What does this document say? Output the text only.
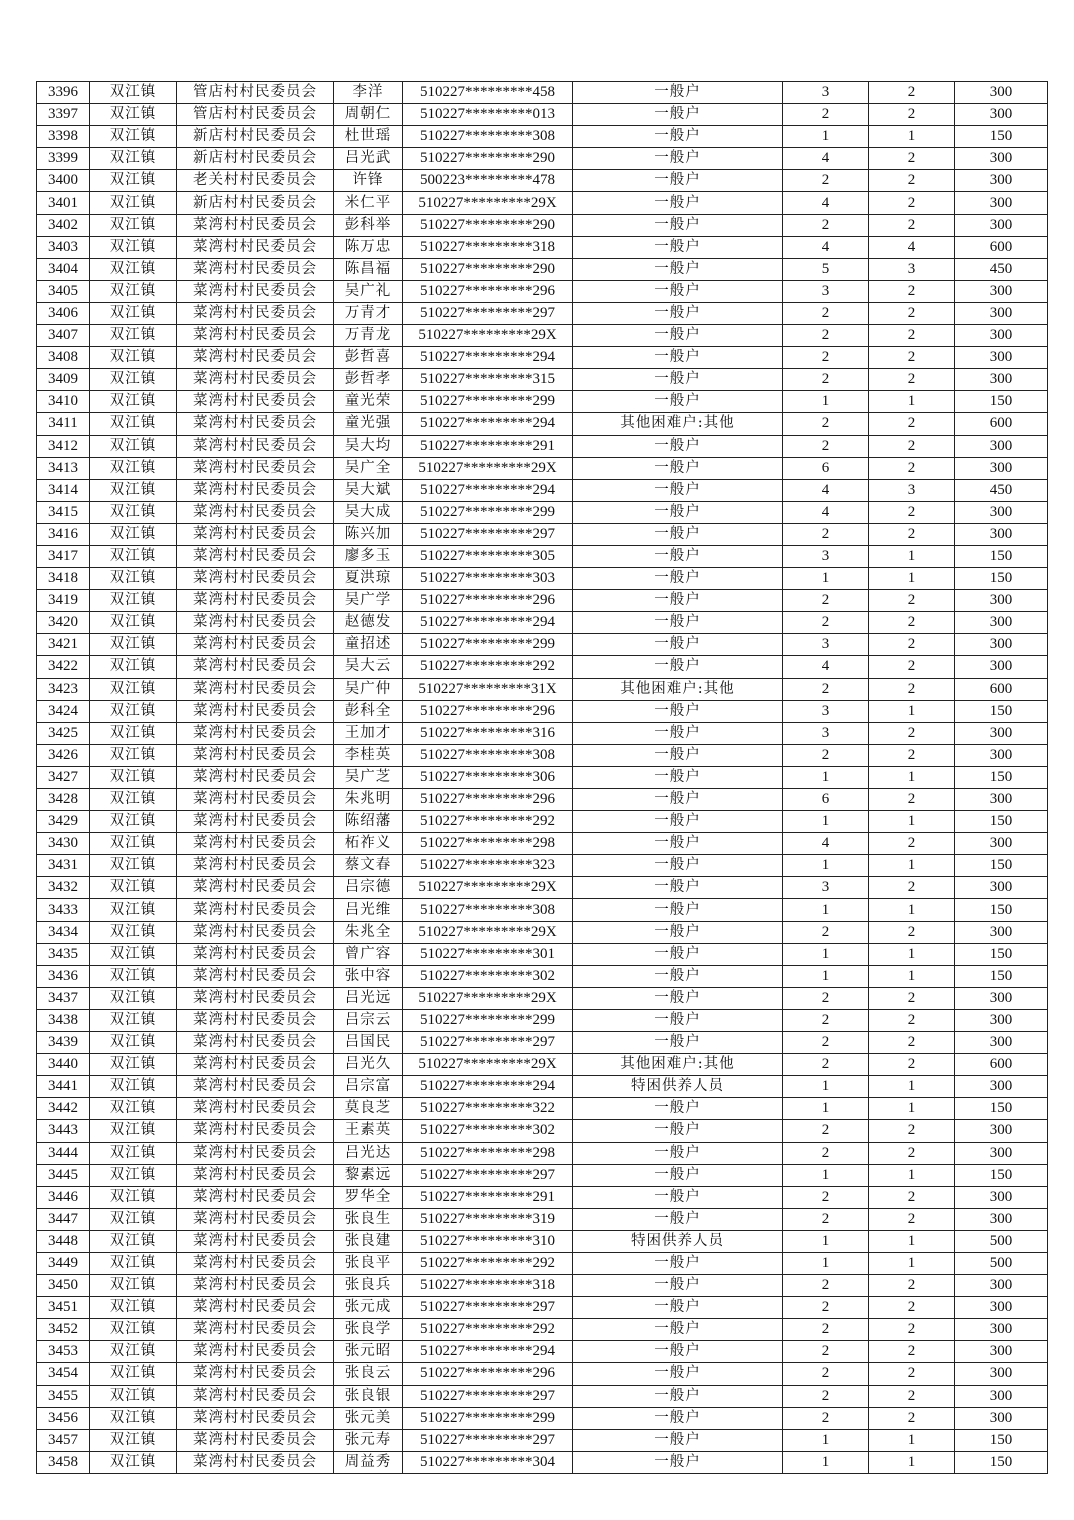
3396	双江镇	管店村村民委员会	李洋	510227*********458	一般户	3	2	300
3397	双江镇	管店村村民委员会	周朝仁	510227*********013	一般户	2	2	300
3398	双江镇	新店村村民委员会	杜世瑶	510227*********308	一般户	1	1	150
3399	双江镇	新店村村民委员会	吕光武	510227*********290	一般户	4	2	300
3400	双江镇	老关村村民委员会	许锋	500223*********478	一般户	2	2	300
3401	双江镇	新店村村民委员会	米仁平	510227*********29X	一般户	4	2	300
3402	双江镇	菜湾村村民委员会	彭科举	510227*********290	一般户	2	2	300
3403	双江镇	菜湾村村民委员会	陈万忠	510227*********318	一般户	4	4	600
3404	双江镇	菜湾村村民委员会	陈昌福	510227*********290	一般户	5	3	450
3405	双江镇	菜湾村村民委员会	吴广礼	510227*********296	一般户	3	2	300
3406	双江镇	菜湾村村民委员会	万青才	510227*********297	一般户	2	2	300
3407	双江镇	菜湾村村民委员会	万青龙	510227*********29X	一般户	2	2	300
3408	双江镇	菜湾村村民委员会	彭哲喜	510227*********294	一般户	2	2	300
3409	双江镇	菜湾村村民委员会	彭哲孝	510227*********315	一般户	2	2	300
3410	双江镇	菜湾村村民委员会	童光荣	510227*********299	一般户	1	1	150
3411	双江镇	菜湾村村民委员会	童光强	510227*********294	其他困难户:其他	2	2	600
3412	双江镇	菜湾村村民委员会	吴大均	510227*********291	一般户	2	2	300
3413	双江镇	菜湾村村民委员会	吴广全	510227*********29X	一般户	6	2	300
3414	双江镇	菜湾村村民委员会	吴大斌	510227*********294	一般户	4	3	450
3415	双江镇	菜湾村村民委员会	吴大成	510227*********299	一般户	4	2	300
3416	双江镇	菜湾村村民委员会	陈兴加	510227*********297	一般户	2	2	300
3417	双江镇	菜湾村村民委员会	廖多玉	510227*********305	一般户	3	1	150
3418	双江镇	菜湾村村民委员会	夏洪琼	510227*********303	一般户	1	1	150
3419	双江镇	菜湾村村民委员会	吴广学	510227*********296	一般户	2	2	300
3420	双江镇	菜湾村村民委员会	赵德发	510227*********294	一般户	2	2	300
3421	双江镇	菜湾村村民委员会	童招述	510227*********299	一般户	3	2	300
3422	双江镇	菜湾村村民委员会	吴大云	510227*********292	一般户	4	2	300
3423	双江镇	菜湾村村民委员会	吴广仲	510227*********31X	其他困难户:其他	2	2	600
3424	双江镇	菜湾村村民委员会	彭科全	510227*********296	一般户	3	1	150
3425	双江镇	菜湾村村民委员会	王加才	510227*********316	一般户	3	2	300
3426	双江镇	菜湾村村民委员会	李桂英	510227*********308	一般户	2	2	300
3427	双江镇	菜湾村村民委员会	吴广芝	510227*********306	一般户	1	1	150
3428	双江镇	菜湾村村民委员会	朱兆明	510227*********296	一般户	6	2	300
3429	双江镇	菜湾村村民委员会	陈绍藩	510227*********292	一般户	1	1	150
3430	双江镇	菜湾村村民委员会	柘祚义	510227*********298	一般户	4	2	300
3431	双江镇	菜湾村村民委员会	蔡文春	510227*********323	一般户	1	1	150
3432	双江镇	菜湾村村民委员会	吕宗德	510227*********29X	一般户	3	2	300
3433	双江镇	菜湾村村民委员会	吕光维	510227*********308	一般户	1	1	150
3434	双江镇	菜湾村村民委员会	朱兆全	510227*********29X	一般户	2	2	300
3435	双江镇	菜湾村村民委员会	曾广容	510227*********301	一般户	1	1	150
3436	双江镇	菜湾村村民委员会	张中容	510227*********302	一般户	1	1	150
3437	双江镇	菜湾村村民委员会	吕光远	510227*********29X	一般户	2	2	300
3438	双江镇	菜湾村村民委员会	吕宗云	510227*********299	一般户	2	2	300
3439	双江镇	菜湾村村民委员会	吕国民	510227*********297	一般户	2	2	300
3440	双江镇	菜湾村村民委员会	吕光久	510227*********29X	其他困难户:其他	2	2	600
3441	双江镇	菜湾村村民委员会	吕宗富	510227*********294	特困供养人员	1	1	300
3442	双江镇	菜湾村村民委员会	莫良芝	510227*********322	一般户	1	1	150
3443	双江镇	菜湾村村民委员会	王素英	510227*********302	一般户	2	2	300
3444	双江镇	菜湾村村民委员会	吕光达	510227*********298	一般户	2	2	300
3445	双江镇	菜湾村村民委员会	黎素远	510227*********297	一般户	1	1	150
3446	双江镇	菜湾村村民委员会	罗华全	510227*********291	一般户	2	2	300
3447	双江镇	菜湾村村民委员会	张良生	510227*********319	一般户	2	2	300
3448	双江镇	菜湾村村民委员会	张良建	510227*********310	特困供养人员	1	1	500
3449	双江镇	菜湾村村民委员会	张良平	510227*********292	一般户	1	1	500
3450	双江镇	菜湾村村民委员会	张良兵	510227*********318	一般户	2	2	300
3451	双江镇	菜湾村村民委员会	张元成	510227*********297	一般户	2	2	300
3452	双江镇	菜湾村村民委员会	张良学	510227*********292	一般户	2	2	300
3453	双江镇	菜湾村村民委员会	张元昭	510227*********294	一般户	2	2	300
3454	双江镇	菜湾村村民委员会	张良云	510227*********296	一般户	2	2	300
3455	双江镇	菜湾村村民委员会	张良银	510227*********297	一般户	2	2	300
3456	双江镇	菜湾村村民委员会	张元美	510227*********299	一般户	2	2	300
3457	双江镇	菜湾村村民委员会	张元寿	510227*********297	一般户	1	1	150
3458	双江镇	菜湾村村民委员会	周益秀	510227*********304	一般户	1	1	150
